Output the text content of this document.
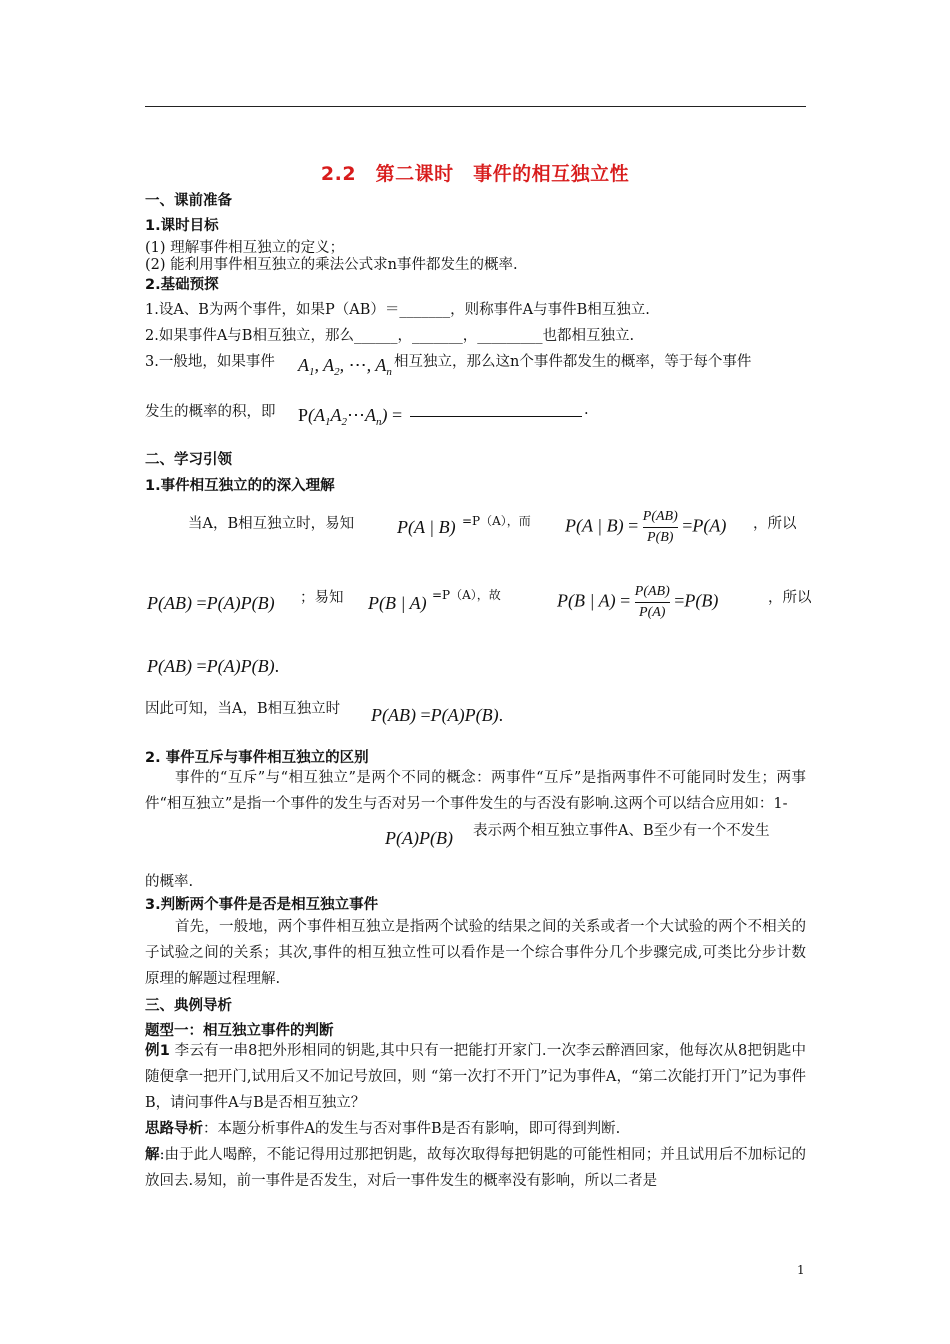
2.2　第二课时　事件的相互独立性
一、课前准备
1.课时目标
(1) 理解事件相互独立的定义；
(2) 能利用事件相互独立的乘法公式求n事件都发生的概率.
2.基础预探
1.设A、B为两个事件，如果P（AB）＝_______，则称事件A与事件B相互独立.
2.如果事件A与B相互独立，那么______，_______，_________也都相互独立.
3.一般地，如果事件 $A_1$, $A_2$, ⋯, $A_n$
相互独立，那么这n个事件都发生的概率，等于每个事件
发生的概率的积，即 $P(A_1A_2\cdots A_n)$ =	.
二、学习引领
1.事件相互独立的的深入理解
当A，B相互独立时，易知 P(A | B) =P（A），而 P(A | $B) = \frac{P(AB)}{P(B)} =P(A)$ ，所以
P(AB) =P(A)P(B) ；易知 P(B | A) =P（A），故	P(B | $A) = \frac{P(AB)}{P(A)} =P(B)$	，所以
P(AB) =P(A)P(B).
因此可知，当A，B相互独立时 P(AB) =P(A)P(B).
2. 事件互斥与事件相互独立的区别
事件的“互斥”与“相互独立”是两个不同的概念：两事件“互斥”是指两事件不可能同时发生；两事件“相互独立”是指一个事件的发生与否对另一个事件发生的与否没有影响.这两个可以结合应用如：1-
P(A)P(B) 表示两个相互独立事件A、B至少有一个不发生
的概率.
3.判断两个事件是否是相互独立事件
首先，一般地，两个事件相互独立是指两个试验的结果之间的关系或者一个大试验的两个不相关的子试验之间的关系；其次,事件的相互独立性可以看作是一个综合事件分几个步骤完成,可类比分步计数原理的解题过程理解.
三、典例导析
题型一：相互独立事件的判断
例1 李云有一串8把外形相同的钥匙,其中只有一把能打开家门.一次李云醉酒回家，他每次从8把钥匙中随便拿一把开门,试用后又不加记号放回，则 “第一次打不开门”记为事件A，“第二次能打开门”记为事件B，请问事件A与B是否相互独立？
思路导析：本题分析事件A的发生与否对事件B是否有影响，即可得到判断.
解:由于此人喝醉，不能记得用过那把钥匙，故每次取得每把钥匙的可能性相同；并且试用后不加标记的放回去.易知，前一事件是否发生，对后一事件发生的概率没有影响，所以二者是
1
